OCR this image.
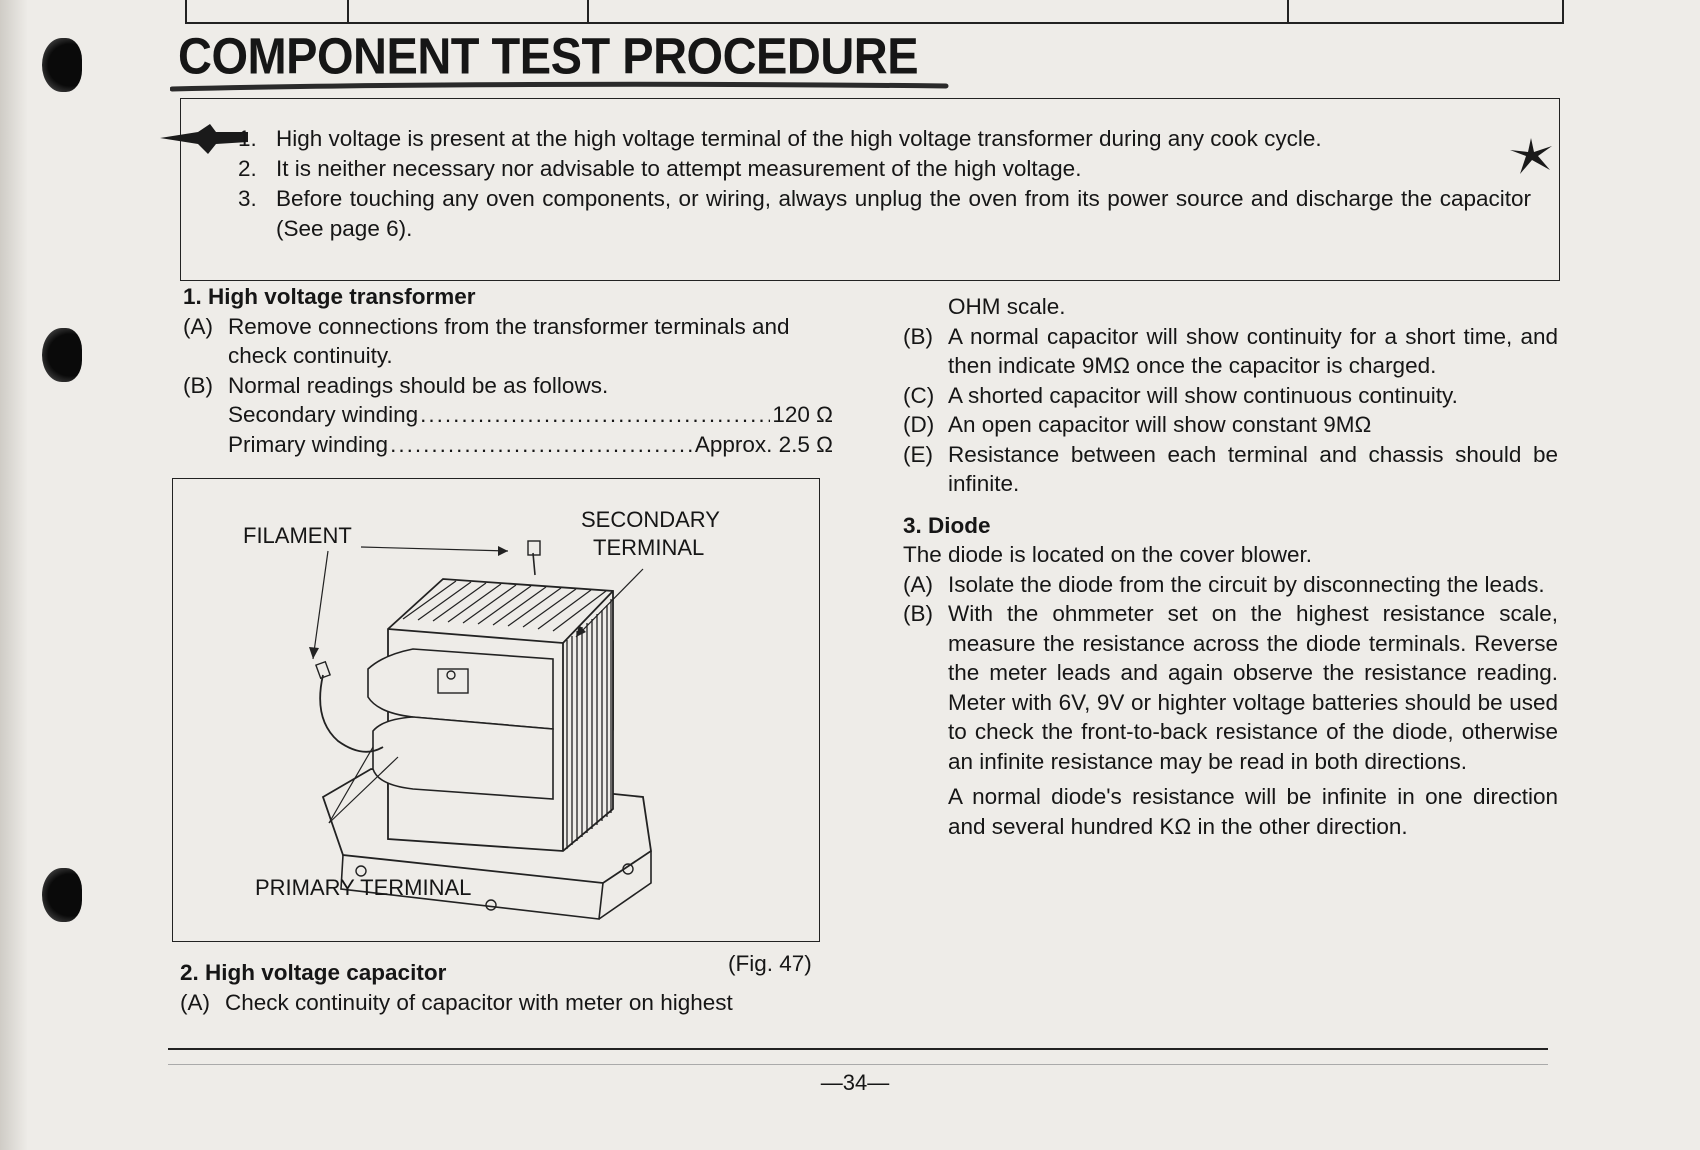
COMPONENT TEST PROCEDURE
1. High voltage is present at the high voltage terminal of the high voltage transformer during any cook cycle.
2. It is neither necessary nor advisable to attempt measurement of the high voltage.
3. Before touching any oven components, or wiring, always unplug the oven from its power source and discharge the capacitor (See page 6).

1. High voltage transformer

(A) Remove connections from the transformer terminals and check continuity.
(B) Normal readings should be as follows.
Secondary winding .....	120 Ω
Primary winding .....	Approx. 2.5 Ω
FILAMENT
SECONDARY
TERMINAL
PRIMARY TERMINAL
(Fig. 47)

2. High voltage capacitor

(A) Check continuity of capacitor with meter on highest
OHM scale.
(B) A normal capacitor will show continuity for a short time, and then indicate 9MΩ once the capacitor is charged.
(C) A shorted capacitor will show continuous continuity.
(D) An open capacitor will show constant 9MΩ
(E) Resistance between each terminal and chassis should be infinite.

3. Diode

The diode is located on the cover blower.
(A) Isolate the diode from the circuit by disconnecting the leads.
(B) With the ohmmeter set on the highest resistance scale, measure the resistance across the diode terminals. Reverse the meter leads and again observe the resistance reading. Meter with 6V, 9V or highter voltage batteries should be used to check the front-to-back resistance of the diode, otherwise an infinite resistance may be read in both directions.
A normal diode's resistance will be infinite in one direction and several hundred KΩ in the other direction.
—34—
